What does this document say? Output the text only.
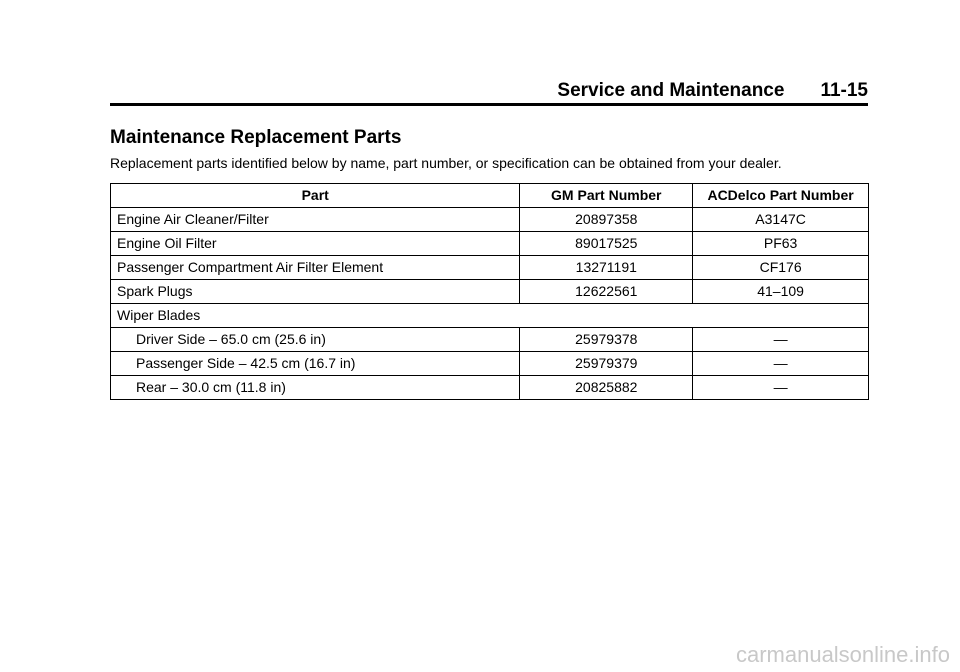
Service and Maintenance 11-15
Maintenance Replacement Parts

Replacement parts identified below by name, part number, or specification can be obtained from your dealer.

Part	GM Part Number	ACDelco Part Number
Engine Air Cleaner/Filter	20897358	A3147C
Engine Oil Filter	89017525	PF63
Passenger Compartment Air Filter Element	13271191	CF176
Spark Plugs	12622561	41–109
Wiper Blades		
Driver Side – 65.0 cm (25.6 in)	25979378	—
Passenger Side – 42.5 cm (16.7 in)	25979379	—
Rear – 30.0 cm (11.8 in)	20825882	—
carmanualsonline.info
